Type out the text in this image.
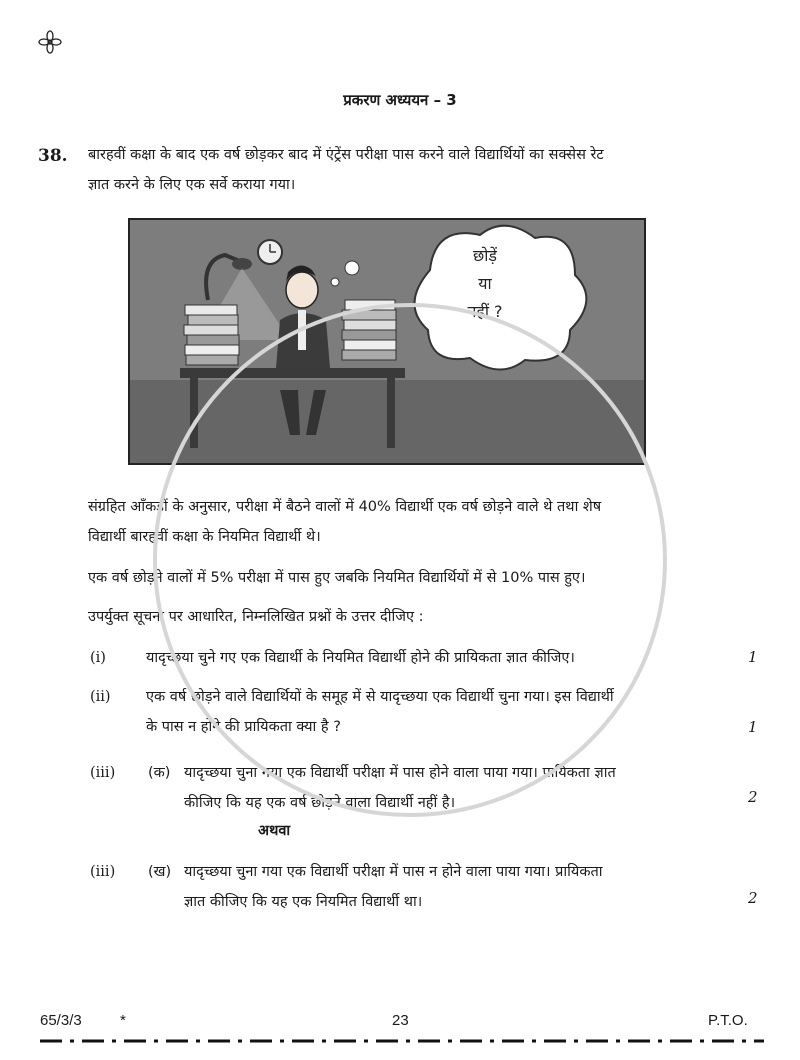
प्रकरण अध्ययन – 3
38. बारहवीं कक्षा के बाद एक वर्ष छोड़कर बाद में एंट्रेंस परीक्षा पास करने वाले विद्यार्थियों का सक्सेस रेट
ज्ञात करने के लिए एक सर्वे कराया गया।
छोड़ें
या
नहीं ?
संग्रहित आँकड़ों के अनुसार, परीक्षा में बैठने वालों में 40% विद्यार्थी एक वर्ष छोड़ने वाले थे तथा शेष
विद्यार्थी बारहवीं कक्षा के नियमित विद्यार्थी थे।
एक वर्ष छोड़ने वालों में 5% परीक्षा में पास हुए जबकि नियमित विद्यार्थियों में से 10% पास हुए।
उपर्युक्त सूचना पर आधारित, निम्नलिखित प्रश्नों के उत्तर दीजिए :
(i)	यादृच्छया चुने गए एक विद्यार्थी के नियमित विद्यार्थी होने की प्रायिकता ज्ञात कीजिए।	1
(ii) एक वर्ष छोड़ने वाले विद्यार्थियों के समूह में से यादृच्छया एक विद्यार्थी चुना गया। इस विद्यार्थी
के पास न होने की प्रायिकता क्या है ?	1
(iii) (क) यादृच्छया चुना गया एक विद्यार्थी परीक्षा में पास होने वाला पाया गया। प्रायिकता ज्ञात
कीजिए कि यह एक वर्ष छोड़ने वाला विद्यार्थी नहीं है।	2
अथवा
(iii) (ख) यादृच्छया चुना गया एक विद्यार्थी परीक्षा में पास न होने वाला पाया गया। प्रायिकता
ज्ञात कीजिए कि यह एक नियमित विद्यार्थी था।	2
65/3/3	*	23	P.T.O.
